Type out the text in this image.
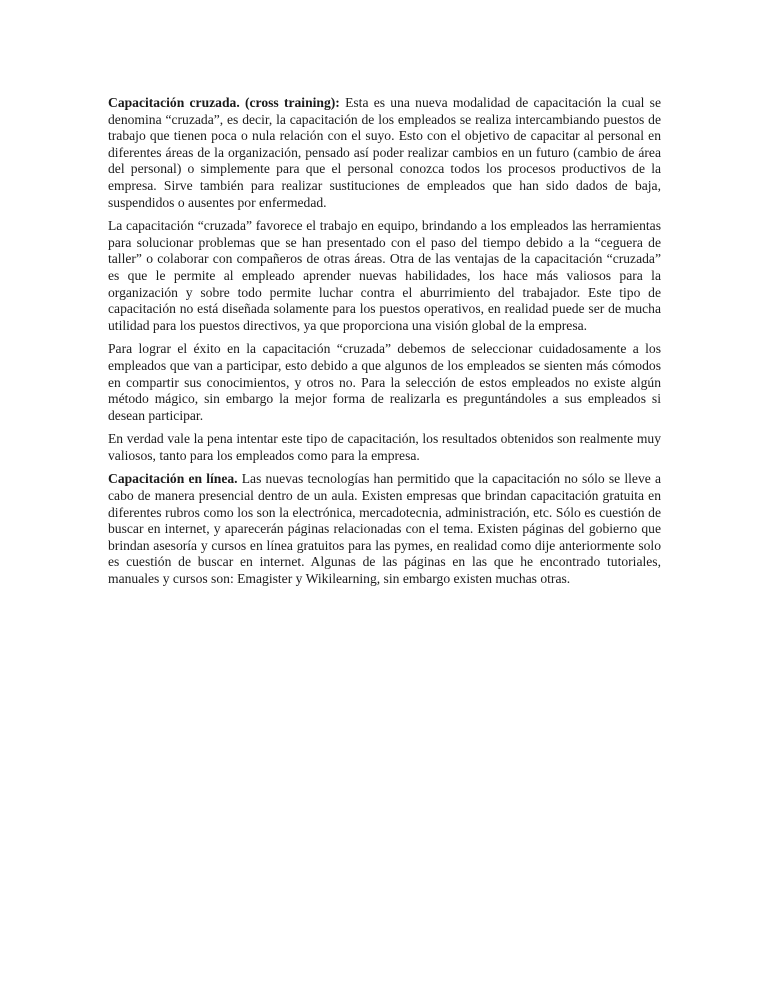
Capacitación cruzada. (cross training): Esta es una nueva modalidad de capacitación la cual se denomina “cruzada”, es decir, la capacitación de los empleados se realiza intercambiando puestos de trabajo que tienen poca o nula relación con el suyo. Esto con el objetivo de capacitar al personal en diferentes áreas de la organización, pensado así poder realizar cambios en un futuro (cambio de área del personal) o simplemente para que el personal conozca todos los procesos productivos de la empresa. Sirve también para realizar sustituciones de empleados que han sido dados de baja, suspendidos o ausentes por enfermedad.

La capacitación “cruzada” favorece el trabajo en equipo, brindando a los empleados las herramientas para solucionar problemas que se han presentado con el paso del tiempo debido a la “ceguera de taller” o colaborar con compañeros de otras áreas. Otra de las ventajas de la capacitación “cruzada” es que le permite al empleado aprender nuevas habilidades, los hace más valiosos para la organización y sobre todo permite luchar contra el aburrimiento del trabajador. Este tipo de capacitación no está diseñada solamente para los puestos operativos, en realidad puede ser de mucha utilidad para los puestos directivos, ya que proporciona una visión global de la empresa.

Para lograr el éxito en la capacitación “cruzada” debemos de seleccionar cuidadosamente a los empleados que van a participar, esto debido a que algunos de los empleados se sienten más cómodos en compartir sus conocimientos, y otros no. Para la selección de estos empleados no existe algún método mágico, sin embargo la mejor forma de realizarla es preguntándoles a sus empleados si desean participar.

En verdad vale la pena intentar este tipo de capacitación, los resultados obtenidos son realmente muy valiosos, tanto para los empleados como para la empresa.

Capacitación en línea. Las nuevas tecnologías han permitido que la capacitación no sólo se lleve a cabo de manera presencial dentro de un aula. Existen empresas que brindan capacitación gratuita en diferentes rubros como los son la electrónica, mercadotecnia, administración, etc. Sólo es cuestión de buscar en internet, y aparecerán páginas relacionadas con el tema. Existen páginas del gobierno que brindan asesoría y cursos en línea gratuitos para las pymes, en realidad como dije anteriormente solo es cuestión de buscar en internet. Algunas de las páginas en las que he encontrado tutoriales, manuales y cursos son: Emagister y Wikilearning, sin embargo existen muchas otras.
